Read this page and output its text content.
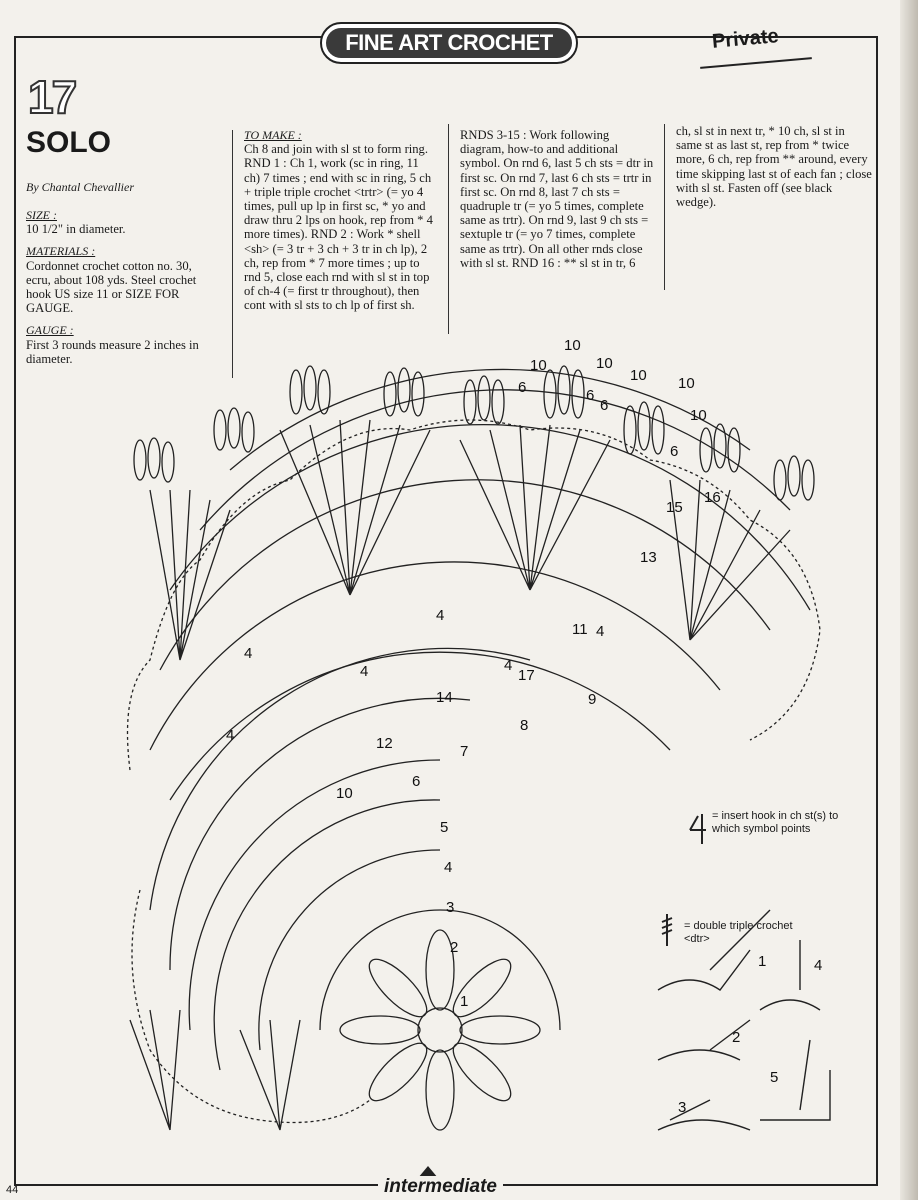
FINE ART CROCHET	Private
17
SOLO
By Chantal Chevallier
SIZE :
10 1/2" in diameter.
MATERIALS :
Cordonnet crochet cotton no. 30, ecru, about 108 yds. Steel crochet hook US size 11 or SIZE FOR GAUGE.
GAUGE :
First 3 rounds measure 2 inches in diameter.
TO MAKE :
Ch 8 and join with sl st to form ring. RND 1 : Ch 1, work (sc in ring, 11 ch) 7 times ; end with sc in ring, 5 ch + triple triple crochet <trtr> (= yo 4 times, pull up lp in first sc, * yo and draw thru 2 lps on hook, rep from * 4 more times). RND 2 : Work * shell <sh> (= 3 tr + 3 ch + 3 tr in ch lp), 2 ch, rep from * 7 more times ; up to rnd 5, close each rnd with sl st in top of ch-4 (= first tr throughout), then cont with sl sts to ch lp of first sh.
RNDS 3-15 : Work following diagram, how-to and additional symbol. On rnd 6, last 5 ch sts = dtr in first sc. On rnd 7, last 6 ch sts = trtr in first sc. On rnd 8, last 7 ch sts = quadruple tr (= yo 5 times, complete same as trtr). On rnd 9, last 9 ch sts = sextuple tr (= yo 7 times, complete same as trtr). On all other rnds close with sl st. RND 16 : ** sl st in tr, 6
ch, sl st in next tr, * 10 ch, sl st in same st as last st, rep from * twice more, 6 ch, rep from ** around, every time skipping last st of each fan ; close with sl st. Fasten off (see black wedge).
10
10
10
10 10
10
6	6
6
6
1
2
3
4
5
6
7
8
9
10
11
12
13
14
15
16
17
4
4
4
4
4
4
1
2
3
4
5
= insert hook in ch st(s) to which symbol points
= double triple crochet <dtr>
44	intermediate
